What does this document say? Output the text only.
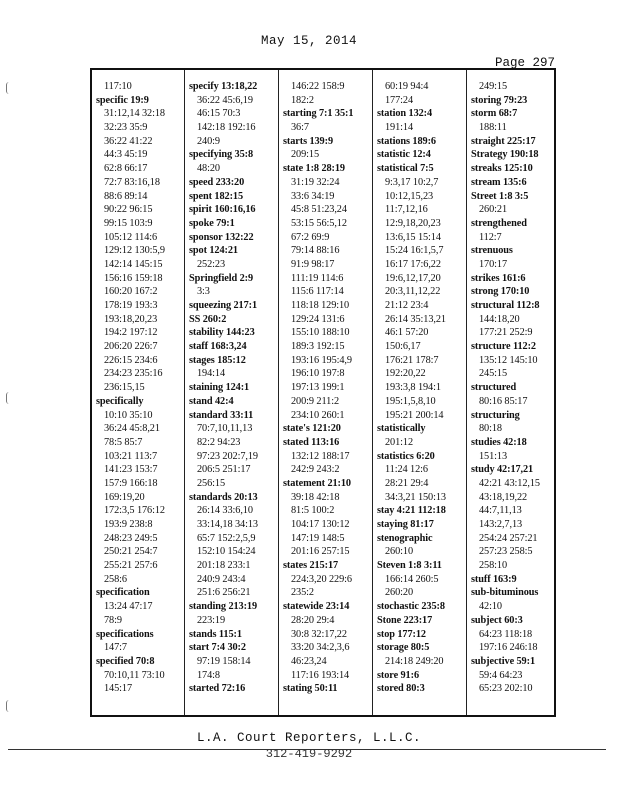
May 15, 2014
Page 297
117:10
specific 19:9
31:12,14 32:18
32:23 35:9
36:22 41:22
44:3 45:19
62:8 66:17
72:7 83:16,18
88:6 89:14
90:22 96:15
99:15 103:9
105:12 114:6
129:12 130:5,9
142:14 145:15
156:16 159:18
160:20 167:2
178:19 193:3
193:18,20,23
194:2 197:12
206:20 226:7
226:15 234:6
234:23 235:16
236:15,15
specifically
10:10 35:10
36:24 45:8,21
78:5 85:7
103:21 113:7
141:23 153:7
157:9 166:18
169:19,20
172:3,5 176:12
193:9 238:8
248:23 249:5
250:21 254:7
255:21 257:6
258:6
specification
13:24 47:17
78:9
specifications
147:7
specified 70:8
70:10,11 73:10
145:17
specify 13:18,22
36:22 45:6,19
46:15 70:3
142:18 192:16
240:9
specifying 35:8
48:20
speed 233:20
spent 182:15
spirit 160:16,16
spoke 79:1
sponsor 132:22
spot 124:21
252:23
Springfield 2:9
3:3
squeezing 217:1
SS 260:2
stability 144:23
staff 168:3,24
stages 185:12
194:14
staining 124:1
stand 42:4
standard 33:11
70:7,10,11,13
82:2 94:23
97:23 202:7,19
206:5 251:17
256:15
standards 20:13
26:14 33:6,10
33:14,18 34:13
65:7 152:2,5,9
152:10 154:24
201:18 233:1
240:9 243:4
251:6 256:21
standing 213:19
223:19
stands 115:1
start 7:4 30:2
97:19 158:14
174:8
started 72:16
146:22 158:9
182:2
starting 7:1 35:1
36:7
starts 139:9
209:15
state 1:8 28:19
31:19 32:24
33:6 34:19
45:8 51:23,24
53:15 56:5,12
67:2 69:9
79:14 88:16
91:9 98:17
111:19 114:6
115:6 117:14
118:18 129:10
129:24 131:6
155:10 188:10
189:3 192:15
193:16 195:4,9
196:10 197:8
197:13 199:1
200:9 211:2
234:10 260:1
state's 121:20
stated 113:16
132:12 188:17
242:9 243:2
statement 21:10
39:18 42:18
81:5 100:2
104:17 130:12
147:19 148:5
201:16 257:15
states 215:17
224:3,20 229:6
235:2
statewide 23:14
28:20 29:4
30:8 32:17,22
33:20 34:2,3,6
46:23,24
117:16 193:14
stating 50:11
60:19 94:4
177:24
station 132:4
191:14
stations 189:6
statistic 12:4
statistical 7:5
9:3,17 10:2,7
10:12,15,23
11:7,12,16
12:9,18,20,23
13:6,15 15:14
15:24 16:1,5,7
16:17 17:6,22
19:6,12,17,20
20:3,11,12,22
21:12 23:4
26:14 35:13,21
46:1 57:20
150:6,17
176:21 178:7
192:20,22
193:3,8 194:1
195:1,5,8,10
195:21 200:14
statistically
201:12
statistics 6:20
11:24 12:6
28:21 29:4
34:3,21 150:13
stay 4:21 112:18
staying 81:17
stenographic
260:10
Steven 1:8 3:11
166:14 260:5
260:20
stochastic 235:8
Stone 223:17
stop 177:12
storage 80:5
214:18 249:20
store 91:6
stored 80:3
249:15
storing 79:23
storm 68:7
188:11
straight 225:17
Strategy 190:18
streaks 125:10
stream 135:6
Street 1:8 3:5
260:21
strengthened
112:7
strenuous
170:17
strikes 161:6
strong 170:10
structural 112:8
144:18,20
177:21 252:9
structure 112:2
135:12 145:10
245:15
structured
80:16 85:17
structuring
80:18
studies 42:18
151:13
study 42:17,21
42:21 43:12,15
43:18,19,22
44:7,11,13
143:2,7,13
254:24 257:21
257:23 258:5
258:10
stuff 163:9
sub-bituminous
42:10
subject 60:3
64:23 118:18
197:16 246:18
subjective 59:1
59:4 64:23
65:23 202:10
L.A. Court Reporters, L.L.C.
312-419-9292
